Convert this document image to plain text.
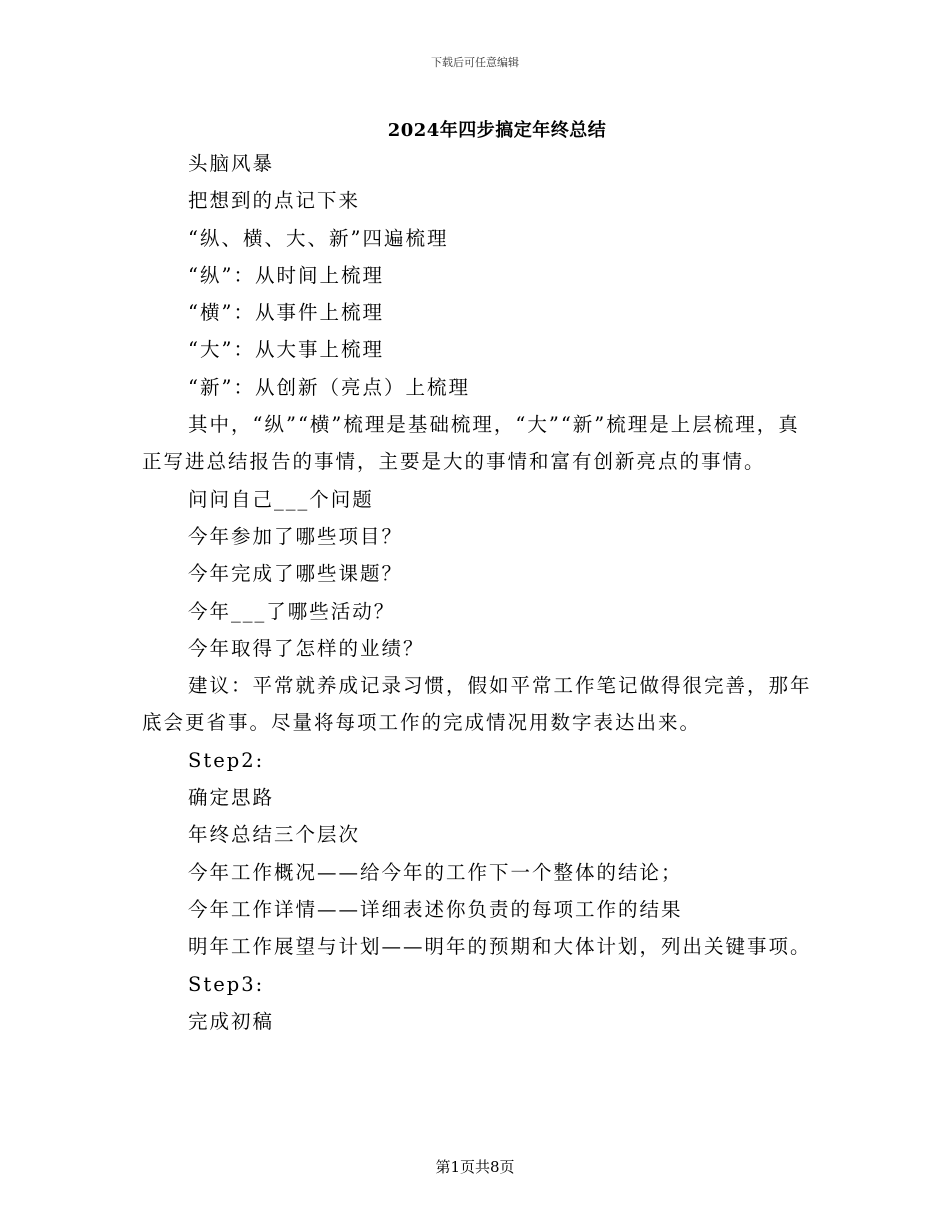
下载后可任意编辑
2024年四步搞定年终总结
头脑风暴
把想到的点记下来
“纵、横、大、新”四遍梳理
“纵”：从时间上梳理
“横”：从事件上梳理
“大”：从大事上梳理
“新”：从创新（亮点）上梳理
其中，“纵”“横”梳理是基础梳理，“大”“新”梳理是上层梳理，真正写进总结报告的事情，主要是大的事情和富有创新亮点的事情。
问问自己___个问题
今年参加了哪些项目？
今年完成了哪些课题？
今年___了哪些活动？
今年取得了怎样的业绩？
建议：平常就养成记录习惯，假如平常工作笔记做得很完善，那年底会更省事。尽量将每项工作的完成情况用数字表达出来。
Step2:
确定思路
年终总结三个层次
今年工作概况——给今年的工作下一个整体的结论；
今年工作详情——详细表述你负责的每项工作的结果
明年工作展望与计划——明年的预期和大体计划，列出关键事项。
Step3:
完成初稿
第1页共8页
